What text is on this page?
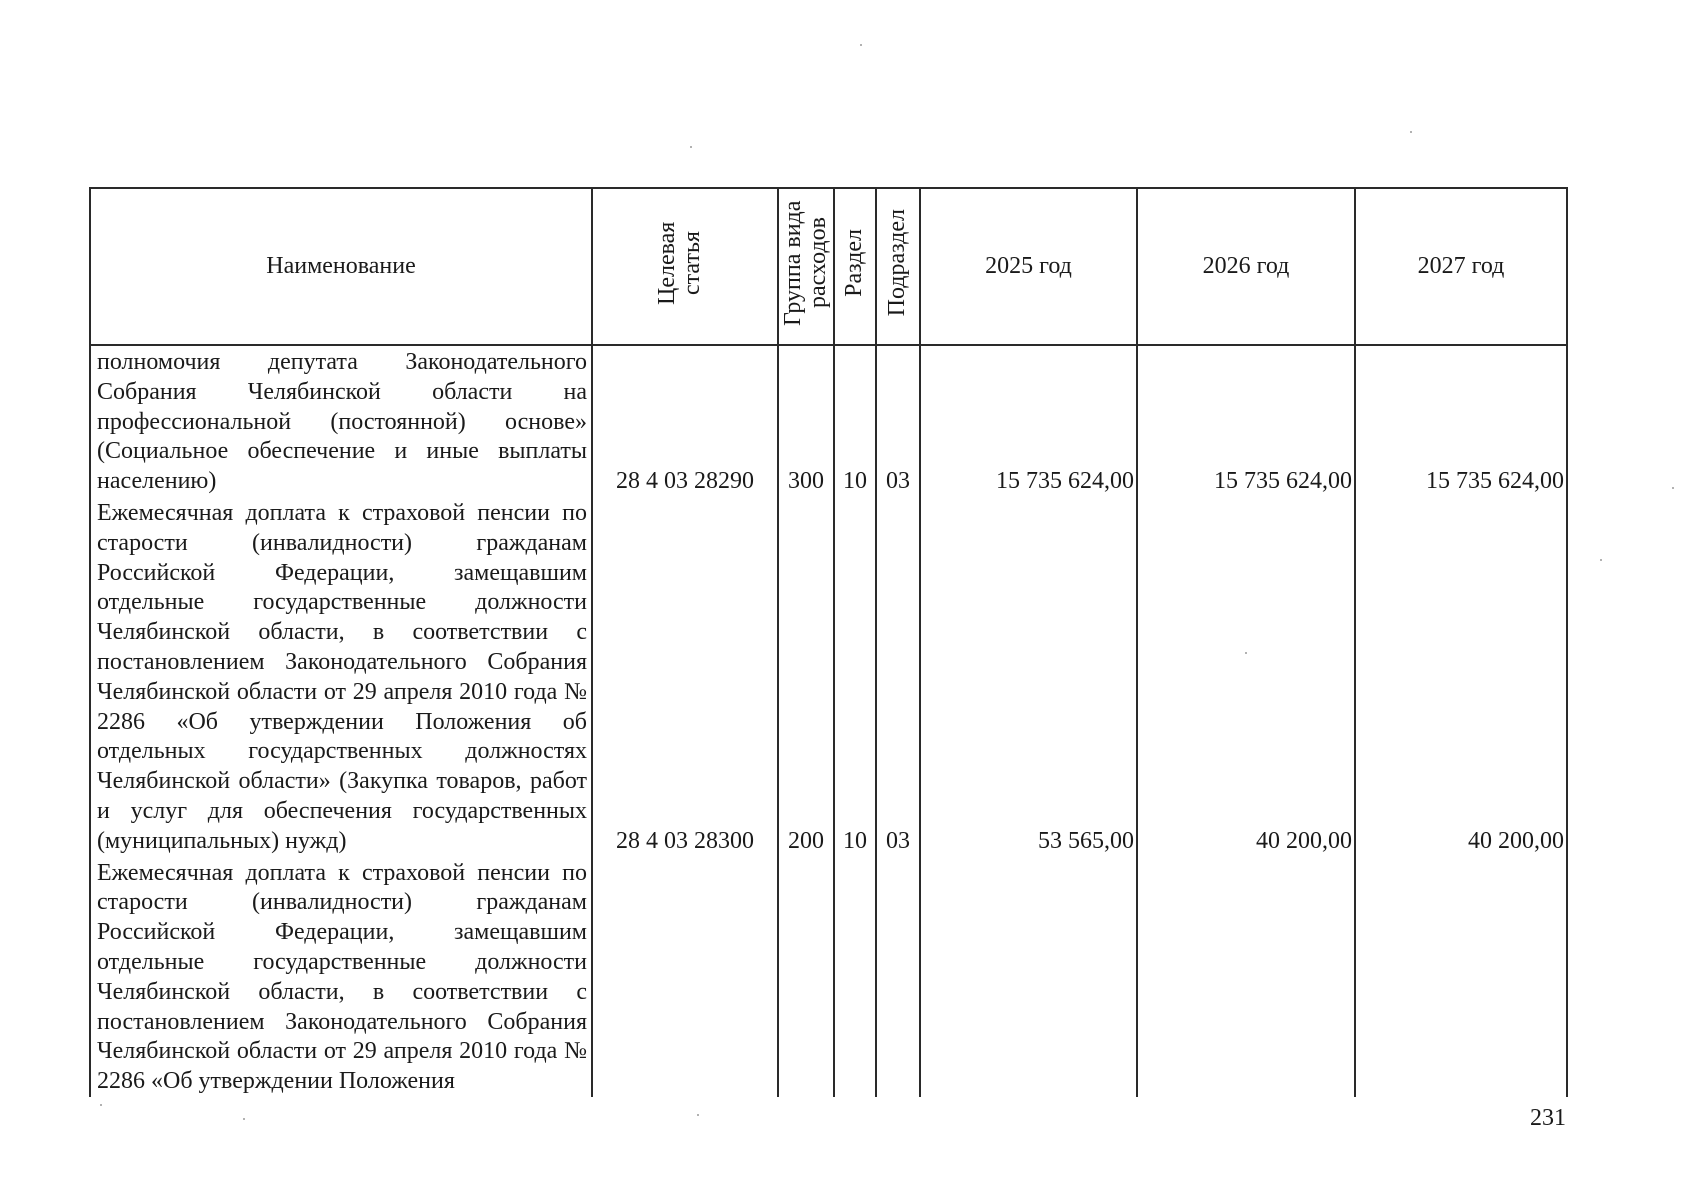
Наименование	Целевая статья	Группа вида расходов	Раздел	Подраздел	2025 год	2026 год	2027 год

полномочия депутата Законодательного Собрания Челябинской области на профессиональной (постоянной) основе» (Социальное обеспечение и иные выплаты населению)	28 4 03 28290	300	10	03	15 735 624,00	15 735 624,00	15 735 624,00
Ежемесячная доплата к страховой пенсии по старости (инвалидности) гражданам Российской Федерации, замещавшим отдельные государственные должности Челябинской области, в соответствии с постановлением Законодательного Собрания Челябинской области от 29 апреля 2010 года № 2286 «Об утверждении Положения об отдельных государственных должностях Челябинской области» (Закупка товаров, работ и услуг для обеспечения государственных (муниципальных) нужд)	28 4 03 28300	200	10	03	53 565,00	40 200,00	40 200,00
Ежемесячная доплата к страховой пенсии по старости (инвалидности) гражданам Российской Федерации, замещавшим отдельные государственные должности Челябинской области, в соответствии с постановлением Законодательного Собрания Челябинской области от 29 апреля 2010 года № 2286 «Об утверждении Положения							
231
